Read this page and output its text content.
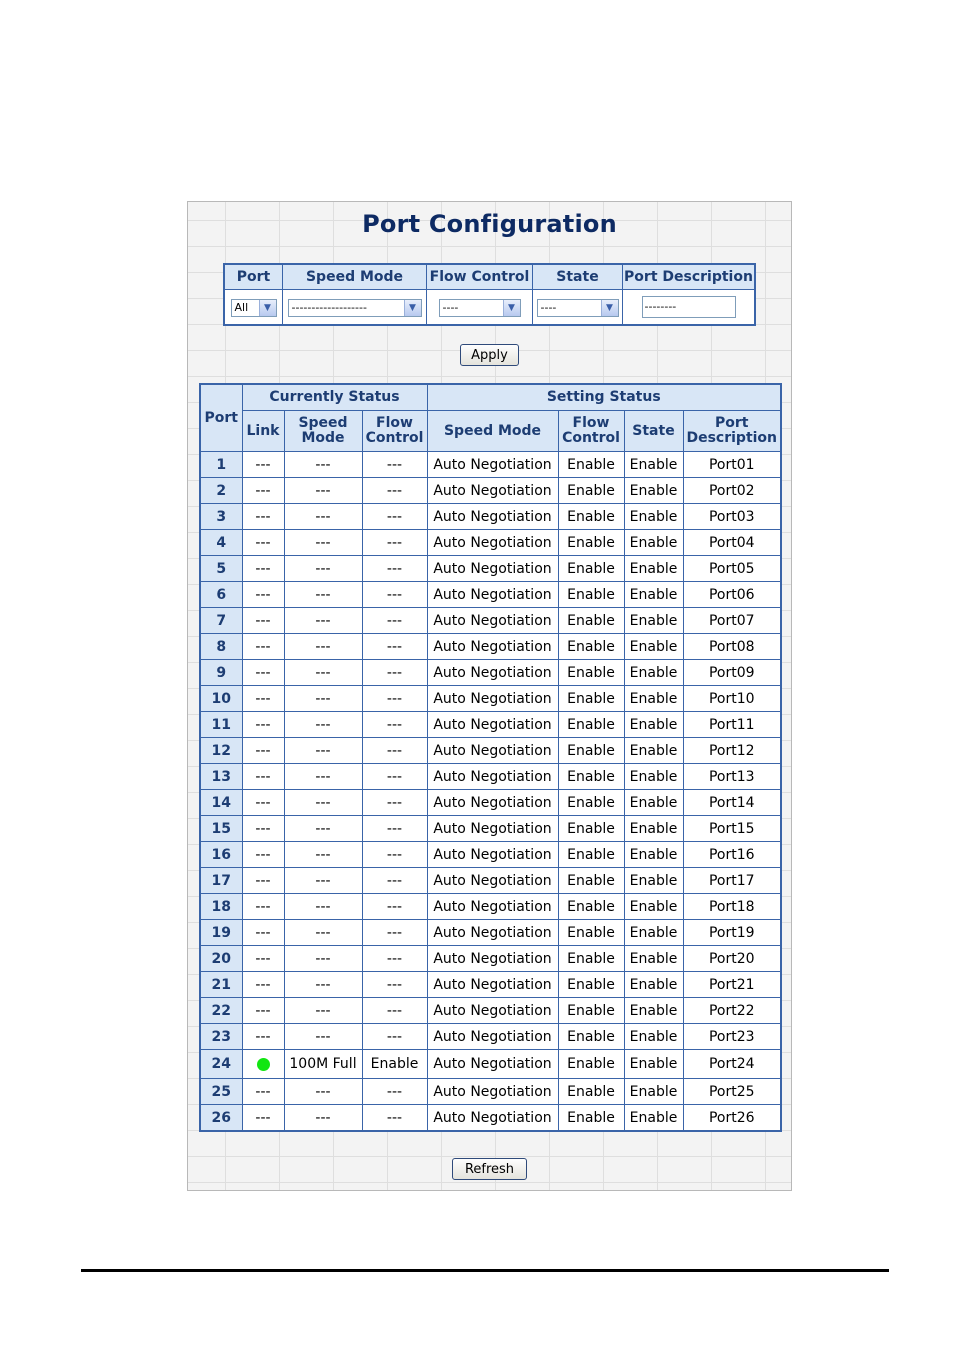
Port Configuration
Port	Speed Mode	Flow Control	State	Port Description

All ▼	------------------- ▼	---- ▼	---- ▼	--------
Apply
Port	Currently Status			Setting Status			
	Link	Speed Mode	Flow Control	Speed Mode	Flow Control	State	Port Description
1	---	---	---	Auto Negotiation	Enable	Enable	Port01
2	---	---	---	Auto Negotiation	Enable	Enable	Port02
3	---	---	---	Auto Negotiation	Enable	Enable	Port03
4	---	---	---	Auto Negotiation	Enable	Enable	Port04
5	---	---	---	Auto Negotiation	Enable	Enable	Port05
6	---	---	---	Auto Negotiation	Enable	Enable	Port06
7	---	---	---	Auto Negotiation	Enable	Enable	Port07
8	---	---	---	Auto Negotiation	Enable	Enable	Port08
9	---	---	---	Auto Negotiation	Enable	Enable	Port09
10	---	---	---	Auto Negotiation	Enable	Enable	Port10
11	---	---	---	Auto Negotiation	Enable	Enable	Port11
12	---	---	---	Auto Negotiation	Enable	Enable	Port12
13	---	---	---	Auto Negotiation	Enable	Enable	Port13
14	---	---	---	Auto Negotiation	Enable	Enable	Port14
15	---	---	---	Auto Negotiation	Enable	Enable	Port15
16	---	---	---	Auto Negotiation	Enable	Enable	Port16
17	---	---	---	Auto Negotiation	Enable	Enable	Port17
18	---	---	---	Auto Negotiation	Enable	Enable	Port18
19	---	---	---	Auto Negotiation	Enable	Enable	Port19
20	---	---	---	Auto Negotiation	Enable	Enable	Port20
21	---	---	---	Auto Negotiation	Enable	Enable	Port21
22	---	---	---	Auto Negotiation	Enable	Enable	Port22
23	---	---	---	Auto Negotiation	Enable	Enable	Port23
24		100M Full	Enable	Auto Negotiation	Enable	Enable	Port24
25	---	---	---	Auto Negotiation	Enable	Enable	Port25
26	---	---	---	Auto Negotiation	Enable	Enable	Port26
Refresh
